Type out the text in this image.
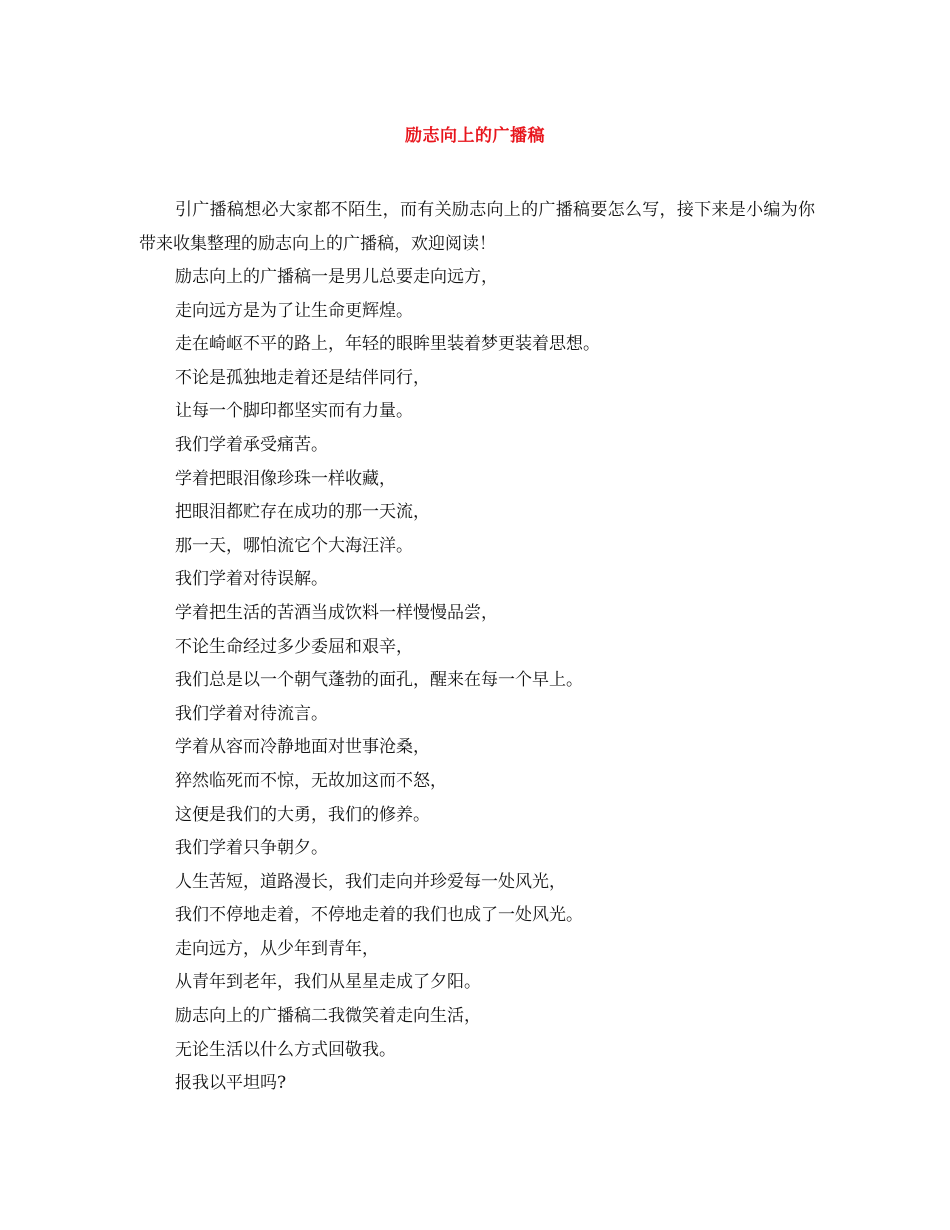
励志向上的广播稿

引广播稿想必大家都不陌生，而有关励志向上的广播稿要怎么写，接下来是小编为你带来收集整理的励志向上的广播稿，欢迎阅读！

励志向上的广播稿一是男儿总要走向远方，
走向远方是为了让生命更辉煌。
走在崎岖不平的路上，年轻的眼眸里装着梦更装着思想。
不论是孤独地走着还是结伴同行，
让每一个脚印都坚实而有力量。
我们学着承受痛苦。
学着把眼泪像珍珠一样收藏，
把眼泪都贮存在成功的那一天流，
那一天，哪怕流它个大海汪洋。
我们学着对待误解。
学着把生活的苦酒当成饮料一样慢慢品尝，
不论生命经过多少委屈和艰辛，
我们总是以一个朝气蓬勃的面孔，醒来在每一个早上。
我们学着对待流言。
学着从容而冷静地面对世事沧桑，
猝然临死而不惊，无故加这而不怒，
这便是我们的大勇，我们的修养。
我们学着只争朝夕。
人生苦短，道路漫长，我们走向并珍爱每一处风光，
我们不停地走着，不停地走着的我们也成了一处风光。
走向远方，从少年到青年，
从青年到老年，我们从星星走成了夕阳。
励志向上的广播稿二我微笑着走向生活，
无论生活以什么方式回敬我。
报我以平坦吗?
